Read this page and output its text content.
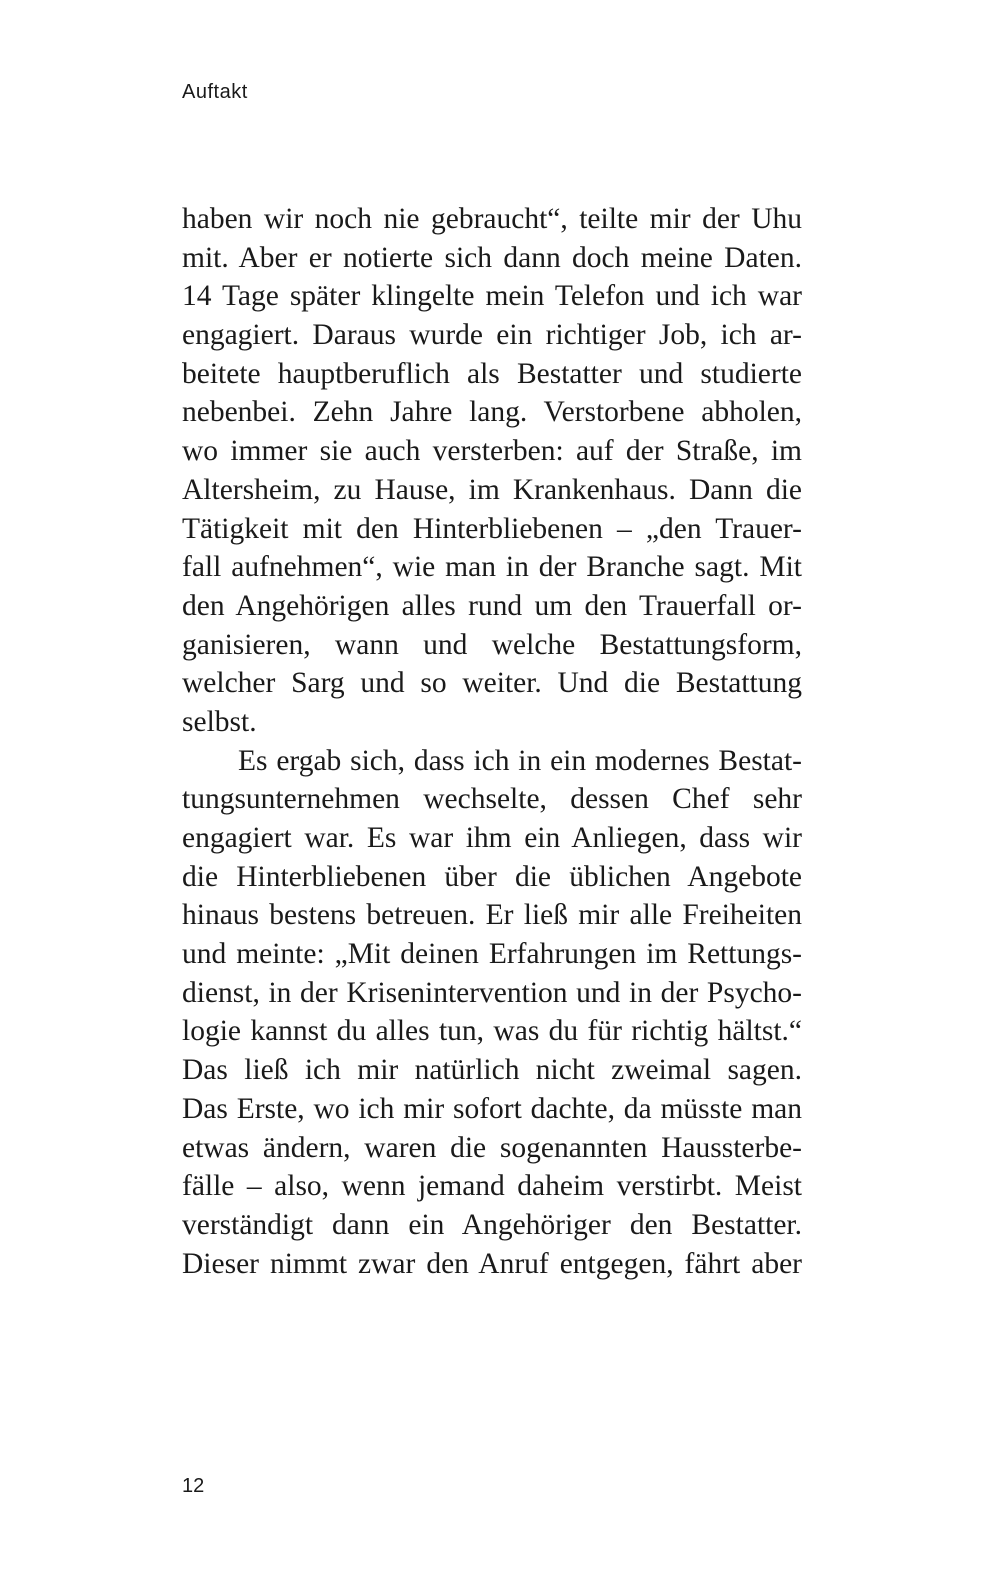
Auftakt
haben wir noch nie gebraucht“, teilte mir der Uhu
mit. Aber er notierte sich dann doch meine Daten.
14 Tage später klingelte mein Telefon und ich war
engagiert. Daraus wurde ein richtiger Job, ich ar-
beitete hauptberuflich als Bestatter und studierte
nebenbei. Zehn Jahre lang. Verstorbene abholen,
wo immer sie auch versterben: auf der Straße, im
Altersheim, zu Hause, im Krankenhaus. Dann die
Tätigkeit mit den Hinterbliebenen – „den Trauer-
fall aufnehmen“, wie man in der Branche sagt. Mit
den Angehörigen alles rund um den Trauerfall or-
ganisieren, wann und welche Bestattungsform,
welcher Sarg und so weiter. Und die Bestattung
selbst.
Es ergab sich, dass ich in ein modernes Bestat-
tungsunternehmen wechselte, dessen Chef sehr
engagiert war. Es war ihm ein Anliegen, dass wir
die Hinterbliebenen über die üblichen Angebote
hinaus bestens betreuen. Er ließ mir alle Freiheiten
und meinte: „Mit deinen Erfahrungen im Rettungs-
dienst, in der Krisenintervention und in der Psycho-
logie kannst du alles tun, was du für richtig hältst.“
Das ließ ich mir natürlich nicht zweimal sagen.
Das Erste, wo ich mir sofort dachte, da müsste man
etwas ändern, waren die sogenannten Haussterbe-
fälle – also, wenn jemand daheim verstirbt. Meist
verständigt dann ein Angehöriger den Bestatter.
Dieser nimmt zwar den Anruf entgegen, fährt aber
12
